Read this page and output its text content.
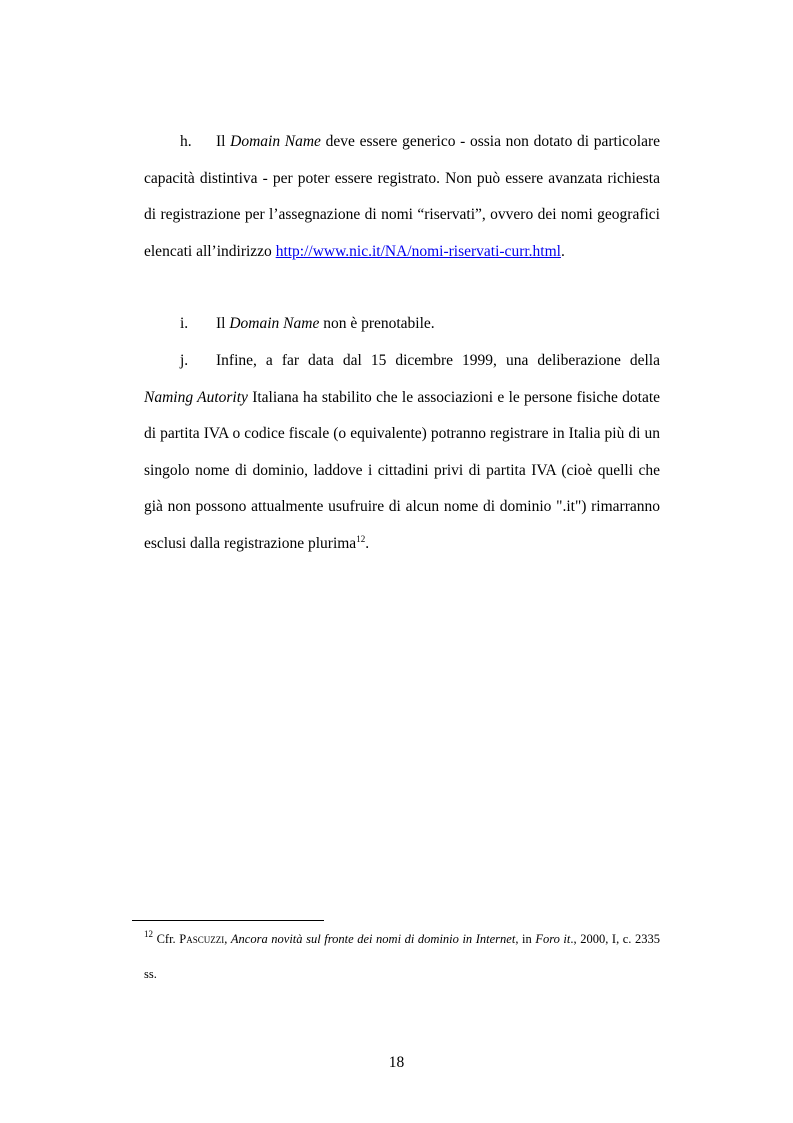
h. Il Domain Name deve essere generico - ossia non dotato di particolare capacità distintiva - per poter essere registrato. Non può essere avanzata richiesta di registrazione per l’assegnazione di nomi “riservati”, ovvero dei nomi geografici elencati all’indirizzo http://www.nic.it/NA/nomi-riservati-curr.html.

i. Il Domain Name non è prenotabile.

j. Infine, a far data dal 15 dicembre 1999, una deliberazione della Naming Autority Italiana ha stabilito che le associazioni e le persone fisiche dotate di partita IVA o codice fiscale (o equivalente) potranno registrare in Italia più di un singolo nome di dominio, laddove i cittadini privi di partita IVA (cioè quelli che già non possono attualmente usufruire di alcun nome di dominio ".it") rimarranno esclusi dalla registrazione plurima$^{12}$.

$^{12}$ Cfr. Pascuzzi, Ancora novità sul fronte dei nomi di dominio in Internet, in Foro it., 2000, I, c. 2335 ss.

18
